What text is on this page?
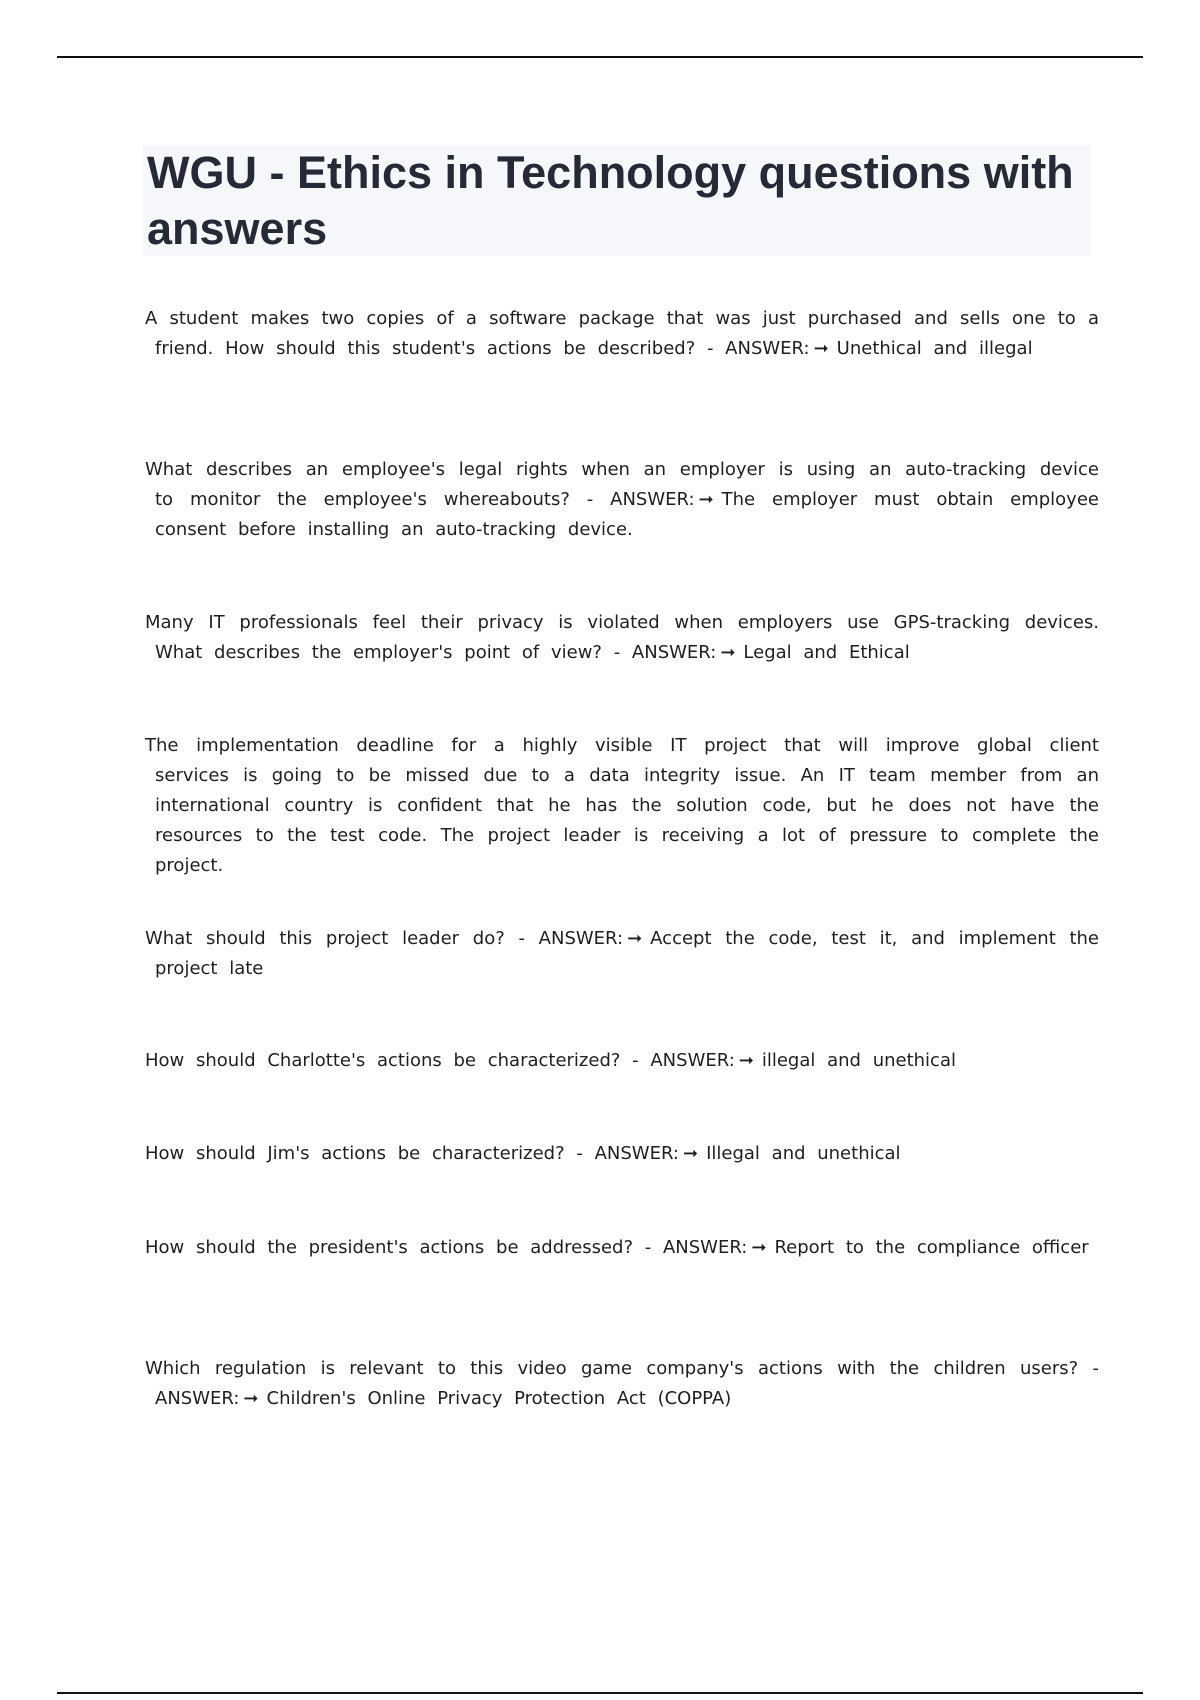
WGU - Ethics in Technology questions with answers

A student makes two copies of a software package that was just purchased and sells one to a friend. How should this student's actions be described? - ANSWER: ➞ Unethical and illegal

What describes an employee's legal rights when an employer is using an auto-tracking device to monitor the employee's whereabouts? - ANSWER: ➞ The employer must obtain employee consent before installing an auto-tracking device.

Many IT professionals feel their privacy is violated when employers use GPS-tracking devices. What describes the employer's point of view? - ANSWER: ➞ Legal and Ethical

The implementation deadline for a highly visible IT project that will improve global client services is going to be missed due to a data integrity issue. An IT team member from an international country is confident that he has the solution code, but he does not have the resources to the test code. The project leader is receiving a lot of pressure to complete the project.

What should this project leader do? - ANSWER: ➞ Accept the code, test it, and implement the project late

How should Charlotte's actions be characterized? - ANSWER: ➞ illegal and unethical

How should Jim's actions be characterized? - ANSWER: ➞ Illegal and unethical

How should the president's actions be addressed? - ANSWER: ➞ Report to the compliance officer

Which regulation is relevant to this video game company's actions with the children users? - ANSWER: ➞ Children's Online Privacy Protection Act (COPPA)
